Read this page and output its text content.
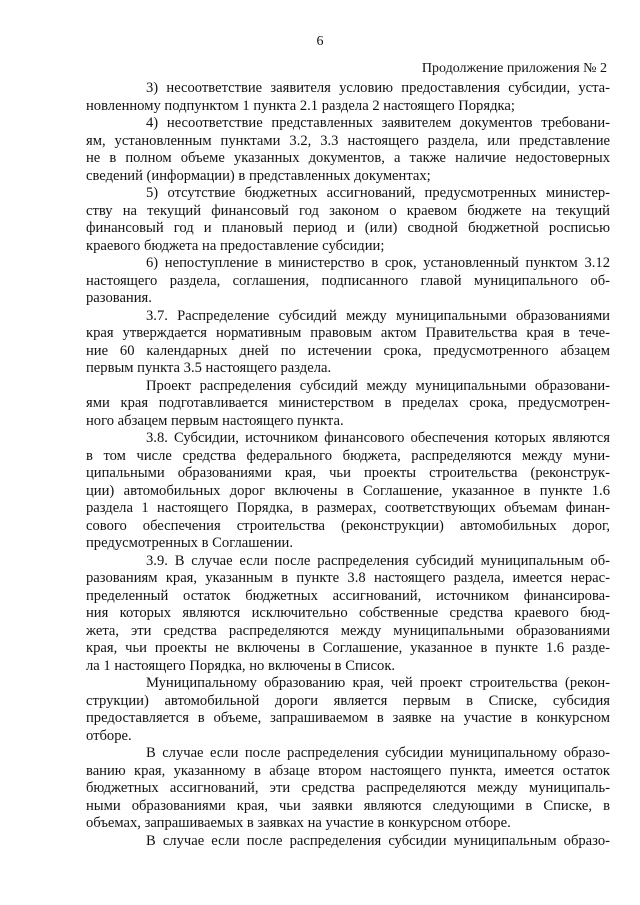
6
Продолжение приложения № 2

3) несоответствие заявителя условию предоставления субсидии, уста-
новленному подпунктом 1 пункта 2.1 раздела 2 настоящего Порядка;

4) несоответствие представленных заявителем документов требовани-
ям, установленным пунктами 3.2, 3.3 настоящего раздела, или представление
не в полном объеме указанных документов, а также наличие недостоверных
сведений (информации) в представленных документах;

5) отсутствие бюджетных ассигнований, предусмотренных министер-
ству на текущий финансовый год законом о краевом бюджете на текущий
финансовый год и плановый период и (или) сводной бюджетной росписью
краевого бюджета на предоставление субсидии;

6) непоступление в министерство в срок, установленный пунктом 3.12
настоящего раздела, соглашения, подписанного главой муниципального об-
разования.

3.7. Распределение субсидий между муниципальными образованиями
края утверждается нормативным правовым актом Правительства края в тече-
ние 60 календарных дней по истечении срока, предусмотренного абзацем
первым пункта 3.5 настоящего раздела.

Проект распределения субсидий между муниципальными образовани-
ями края подготавливается министерством в пределах срока, предусмотрен-
ного абзацем первым настоящего пункта.

3.8. Субсидии, источником финансового обеспечения которых являются
в том числе средства федерального бюджета, распределяются между муни-
ципальными образованиями края, чьи проекты строительства (реконструк-
ции) автомобильных дорог включены в Соглашение, указанное в пункте 1.6
раздела 1 настоящего Порядка, в размерах, соответствующих объемам финан-
сового обеспечения строительства (реконструкции) автомобильных дорог,
предусмотренных в Соглашении.

3.9. В случае если после распределения субсидий муниципальным об-
разованиям края, указанным в пункте 3.8 настоящего раздела, имеется нерас-
пределенный остаток бюджетных ассигнований, источником финансирова-
ния которых являются исключительно собственные средства краевого бюд-
жета, эти средства распределяются между муниципальными образованиями
края, чьи проекты не включены в Соглашение, указанное в пункте 1.6 разде-
ла 1 настоящего Порядка, но включены в Список.

Муниципальному образованию края, чей проект строительства (рекон-
струкции) автомобильной дороги является первым в Списке, субсидия
предоставляется в объеме, запрашиваемом в заявке на участие в конкурсном
отборе.

В случае если после распределения субсидии муниципальному образо-
ванию края, указанному в абзаце втором настоящего пункта, имеется остаток
бюджетных ассигнований, эти средства распределяются между муниципаль-
ными образованиями края, чьи заявки являются следующими в Списке, в
объемах, запрашиваемых в заявках на участие в конкурсном отборе.

В случае если после распределения субсидии муниципальным образо-
